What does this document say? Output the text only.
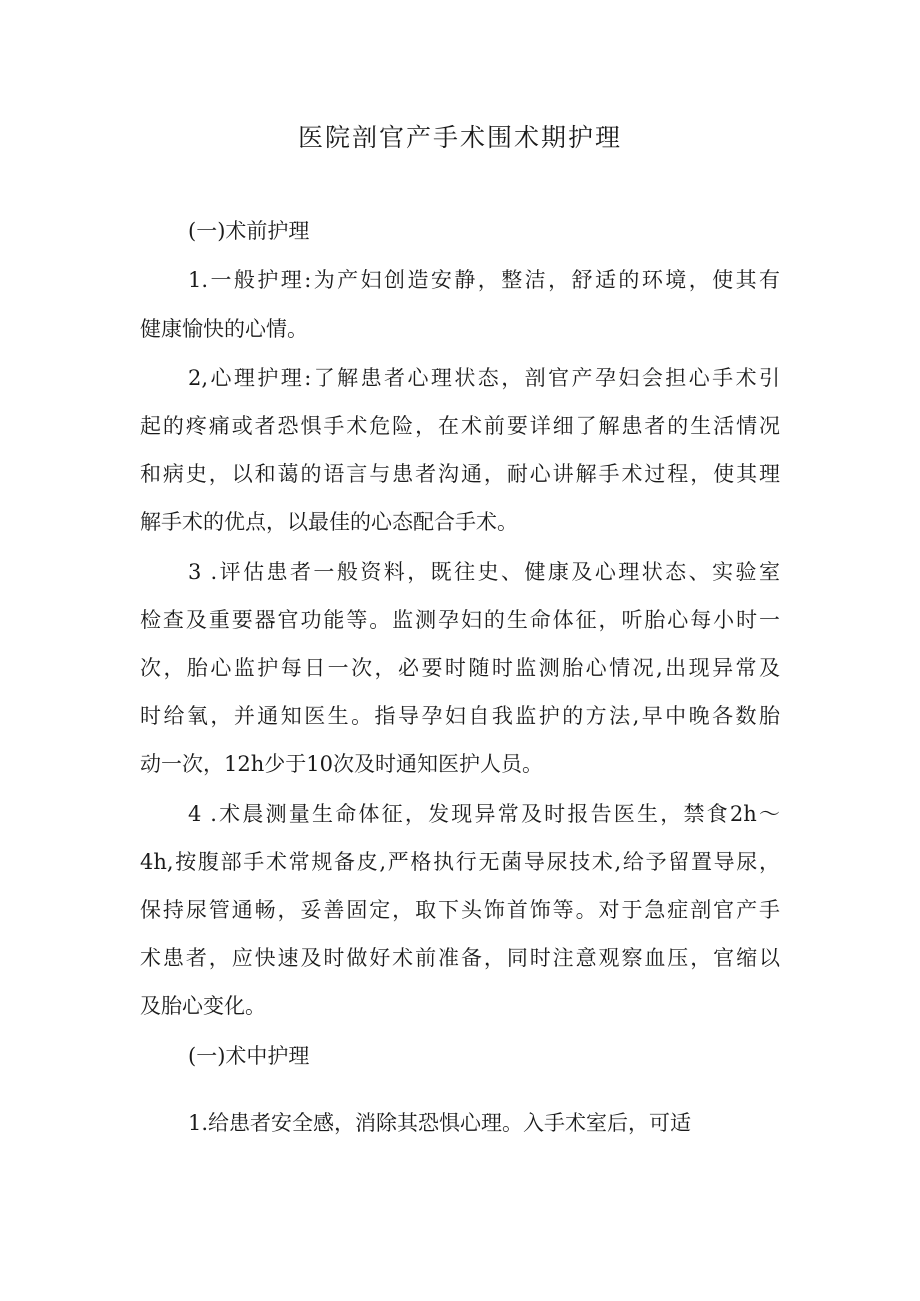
医院剖官产手术围术期护理
(一)术前护理
1.一般护理:为产妇创造安静，整洁，舒适的环境，使其有
健康愉快的心情。
2,心理护理:了解患者心理状态，剖官产孕妇会担心手术引
起的疼痛或者恐惧手术危险，在术前要详细了解患者的生活情况
和病史，以和蔼的语言与患者沟通，耐心讲解手术过程，使其理
解手术的优点，以最佳的心态配合手术。
3 .评估患者一般资料，既往史、健康及心理状态、实验室
检查及重要器官功能等。监测孕妇的生命体征，听胎心每小时一
次，胎心监护每日一次，必要时随时监测胎心情况,出现异常及
时给氧，并通知医生。指导孕妇自我监护的方法,早中晚各数胎
动一次，12h少于10次及时通知医护人员。
4 .术晨测量生命体征，发现异常及时报告医生，禁食2h～
4h,按腹部手术常规备皮,严格执行无菌导尿技术,给予留置导尿，
保持尿管通畅，妥善固定，取下头饰首饰等。对于急症剖官产手
术患者，应快速及时做好术前准备，同时注意观察血压，官缩以
及胎心变化。
(一)术中护理
1.给患者安全感，消除其恐惧心理。入手术室后，可适
